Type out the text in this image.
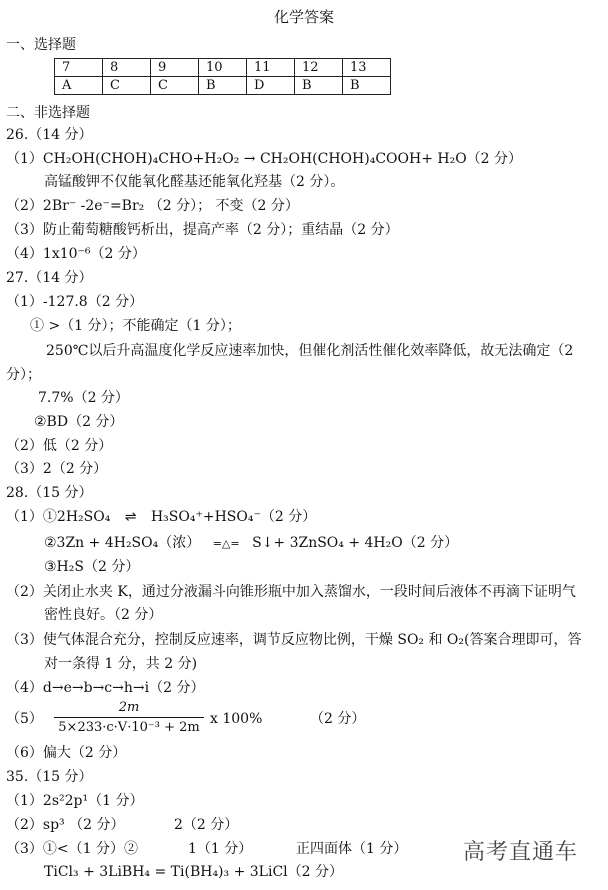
化学答案
一、选择题
7	8	9	10	11	12	13
A	C	C	B	D	B	B
二、非选择题
26.（14 分）
（1）CH₂OH(CHOH)₄CHO+H₂O₂ → CH₂OH(CHOH)₄COOH+ H₂O（2 分）
高锰酸钾不仅能氧化醛基还能氧化羟基（2 分）。
（2）2Br⁻ -2e⁻=Br₂ （2 分）； 不变（2 分）
（3）防止葡萄糖酸钙析出，提高产率（2 分）；重结晶（2 分）
（4）1x10⁻⁶（2 分）
27.（14 分）
（1）-127.8（2 分）
① >（1 分）；不能确定（1 分）；
250℃以后升高温度化学反应速率加快，但催化剂活性催化效率降低，故无法确定（2
分）；
7.7%（2 分）
②BD（2 分）
（2）低（2 分）
（3）2（2 分）
28.（15 分）
（1）①2H₂SO₄ ⇌ H₃SO₄⁺+HSO₄⁻（2 分）
②3Zn + 4H₂SO₄（浓） =△= S↓+ 3ZnSO₄ + 4H₂O（2 分）
③H₂S（2 分）
（2）关闭止水夹 K，通过分液漏斗向锥形瓶中加入蒸馏水，一段时间后液体不再滴下证明气
密性良好。（2 分）
（3）使气体混合充分，控制反应速率，调节反应物比例，干燥 SO₂ 和 O₂(答案合理即可，答
对一条得 1 分，共 2 分)
（4）d→e→b→c→h→i（2 分）
$(5) \frac{2m}{\text{5×233·c·V·10⁻³ + 2m}}$ x 100%	（2 分）
（6）偏大（2 分）
35.（15 分）
（1）2s²2p¹（1 分）
（2）sp³ （2 分）	2（2 分）
（3）①<（1 分）②	1（1 分）	正四面体（1 分）
TiCl₃ + 3LiBH₄ = Ti(BH₄)₃ + 3LiCl（2 分）
高考直通车
